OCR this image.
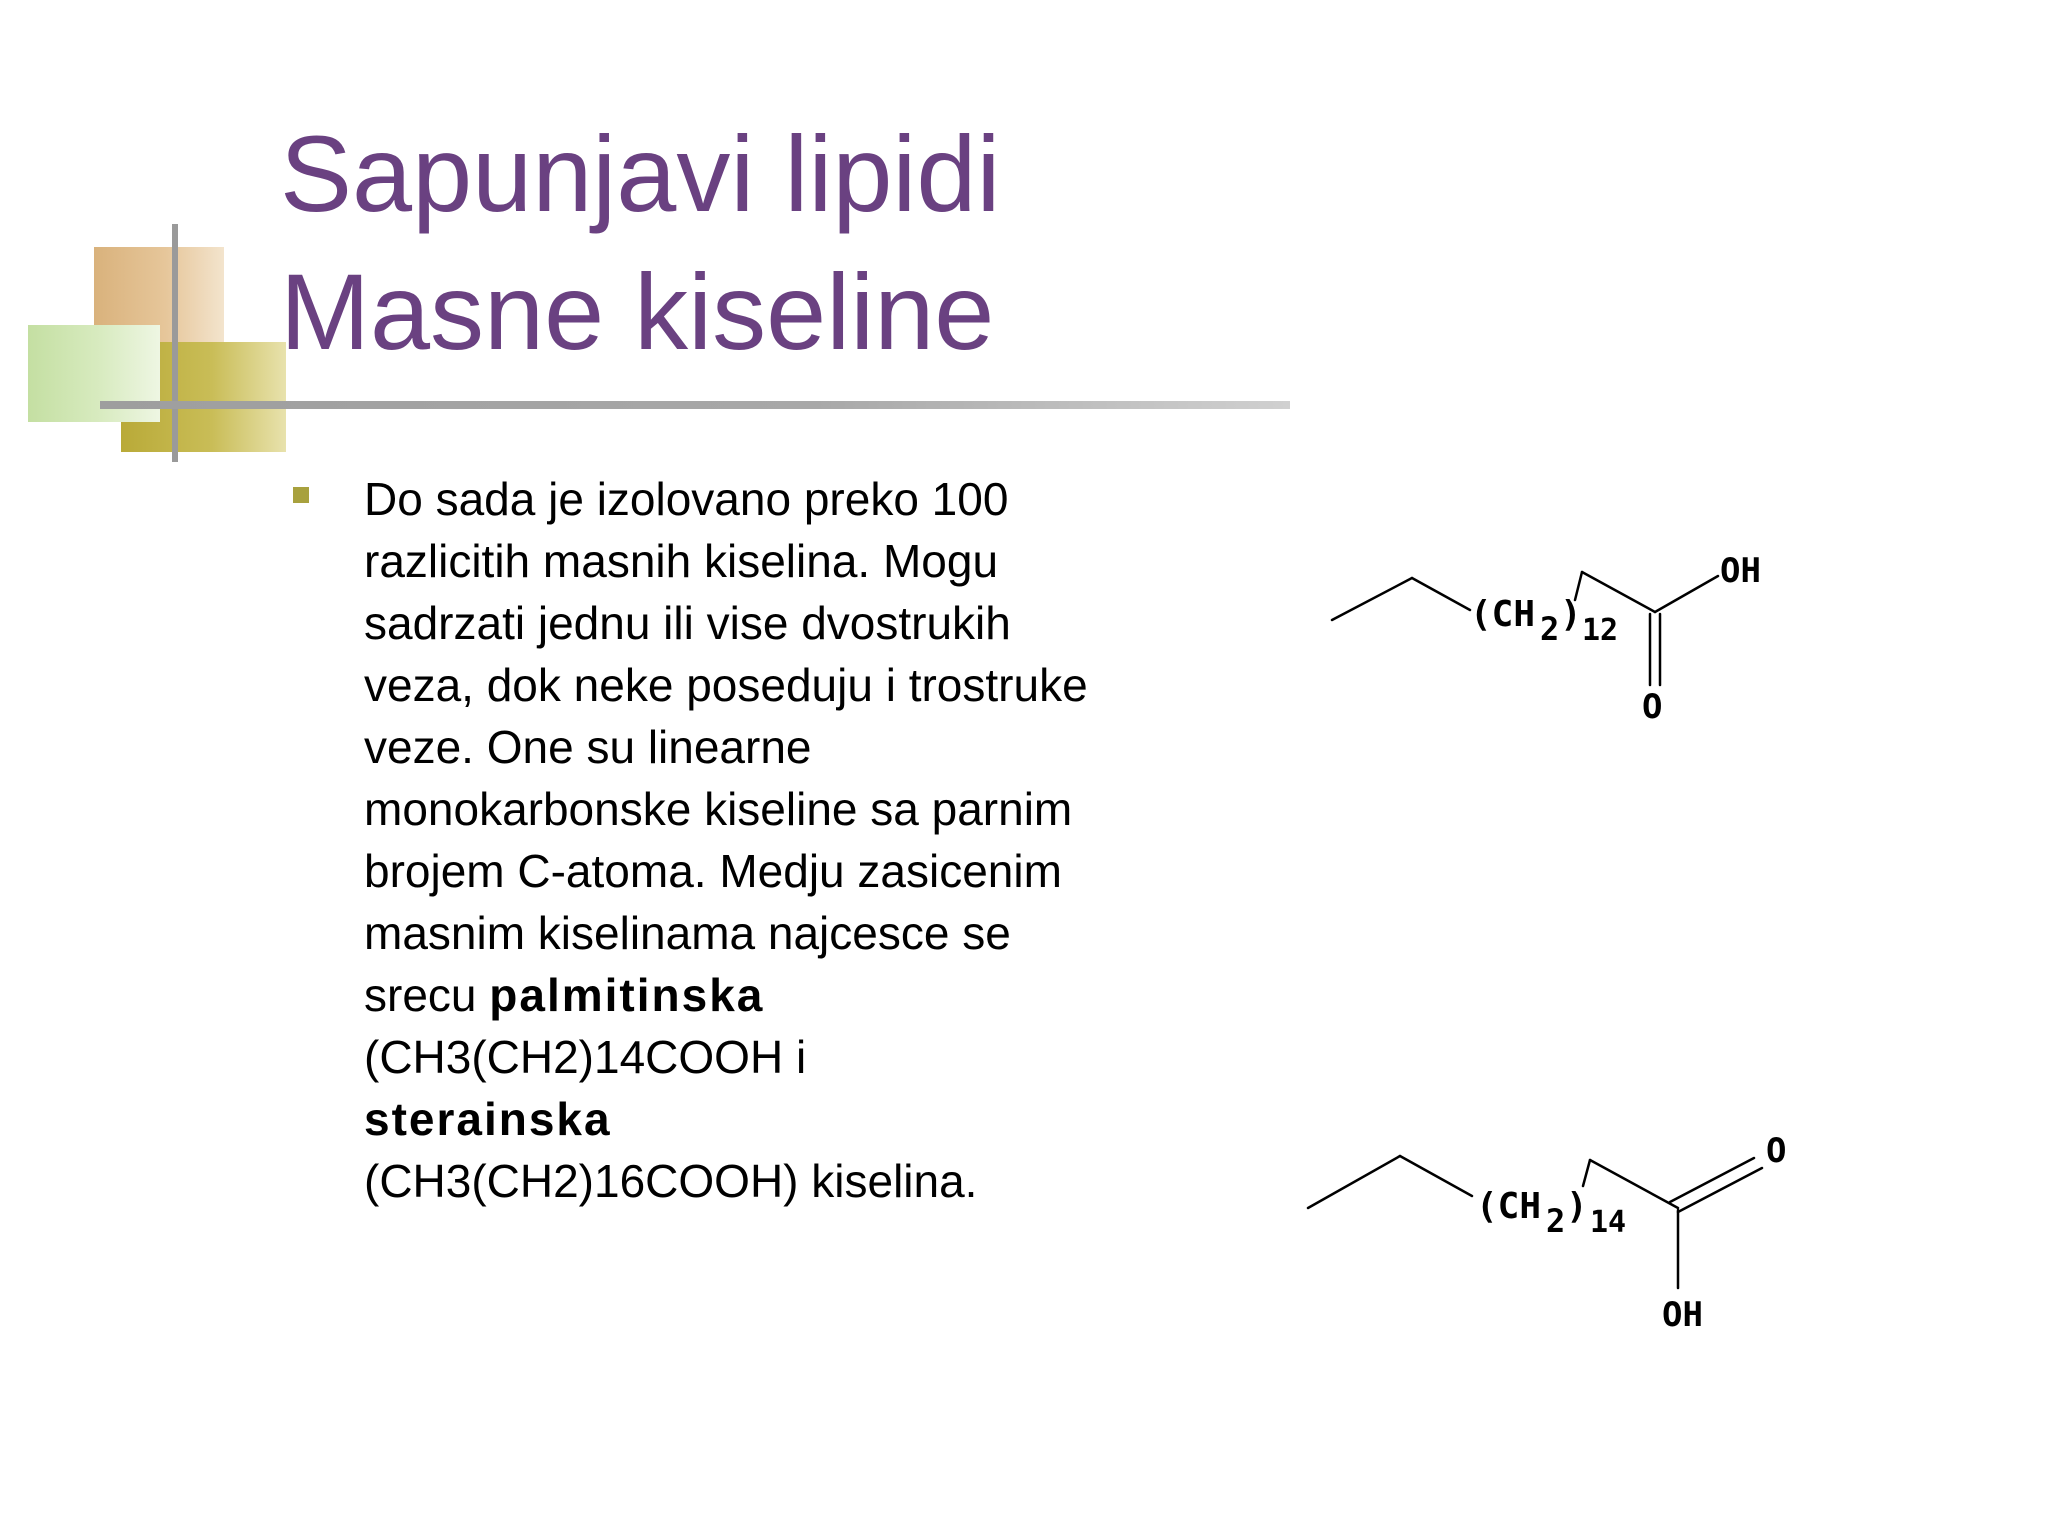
Sapunjavi lipidi
Masne kiseline
Do sada je izolovano preko 100 razlicitih masnih kiselina. Mogu sadrzati jednu ili vise dvostrukih veza, dok neke poseduju i trostruke veze. One su linearne monokarbonske kiseline sa parnim brojem C-atoma. Medju zasicenim masnim kiselinama najcesce se srecu palmitinska (CH3(CH2)14COOH i
sterainska
(CH3(CH2)16COOH) kiselina.
(CH 2 ) 12
OH
O
(CH 2 ) 14
O
OH
